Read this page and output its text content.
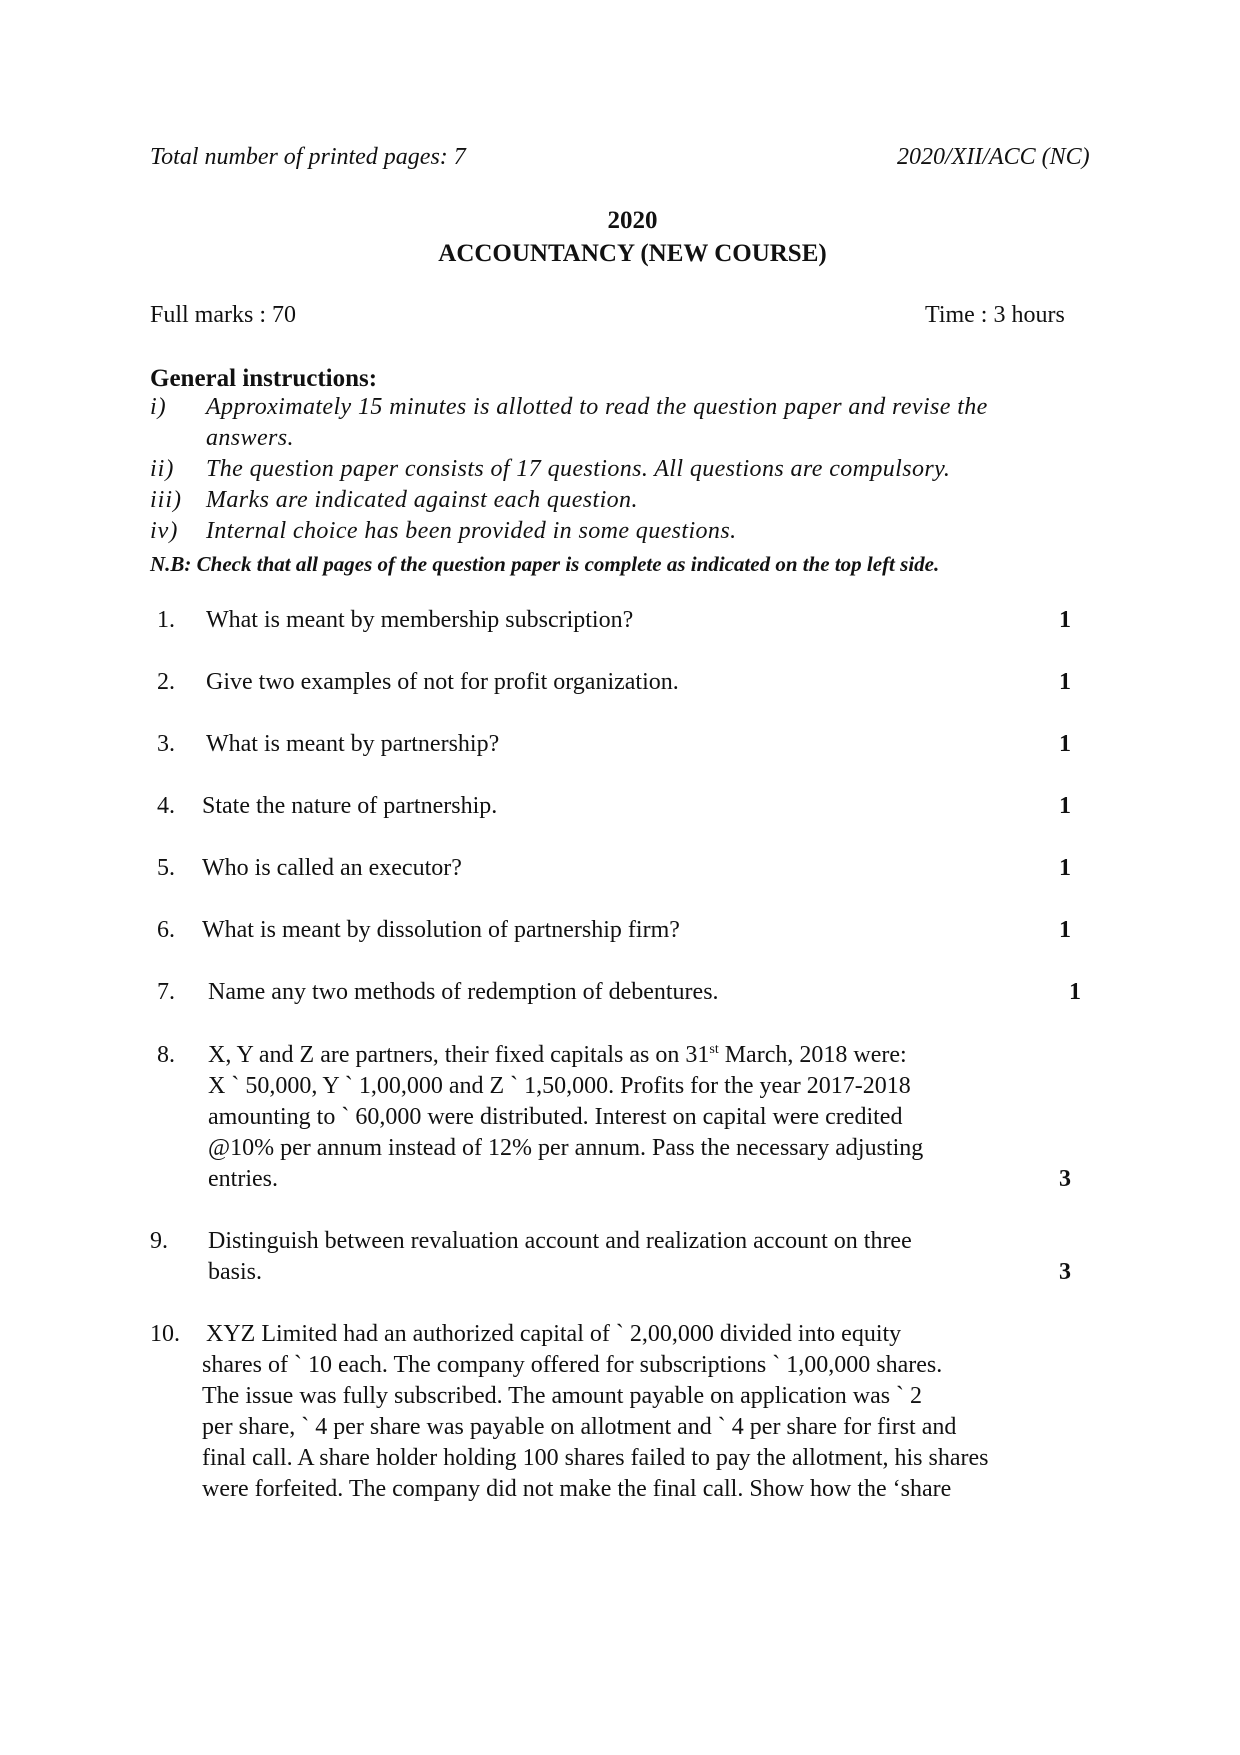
Total number of printed pages: 7	2020/XII/ACC (NC)
2020
ACCOUNTANCY (NEW COURSE)
Full marks : 70	Time : 3 hours
General instructions:
i) Approximately 15 minutes is allotted to read the question paper and revise the
answers.
ii) The question paper consists of 17 questions. All questions are compulsory.
iii) Marks are indicated against each question.
iv) Internal choice has been provided in some questions.
N.B: Check that all pages of the question paper is complete as indicated on the top left side.
1. What is meant by membership subscription?	1
2. Give two examples of not for profit organization.	1
3. What is meant by partnership?	1
4. State the nature of partnership.	1
5. Who is called an executor?	1
6. What is meant by dissolution of partnership firm?	1
7. Name any two methods of redemption of debentures.	1
8. X, Y and Z are partners, their fixed capitals as on 31st March, 2018 were:
X ` 50,000, Y ` 1,00,000 and Z ` 1,50,000. Profits for the year 2017-2018
amounting to ` 60,000 were distributed. Interest on capital were credited
@10% per annum instead of 12% per annum. Pass the necessary adjusting
entries.	3
9. Distinguish between revaluation account and realization account on three
basis.	3
10. XYZ Limited had an authorized capital of ` 2,00,000 divided into equity
shares of ` 10 each. The company offered for subscriptions ` 1,00,000 shares.
The issue was fully subscribed. The amount payable on application was ` 2
per share, ` 4 per share was payable on allotment and ` 4 per share for first and
final call. A share holder holding 100 shares failed to pay the allotment, his shares
were forfeited. The company did not make the final call. Show how the ‘share
